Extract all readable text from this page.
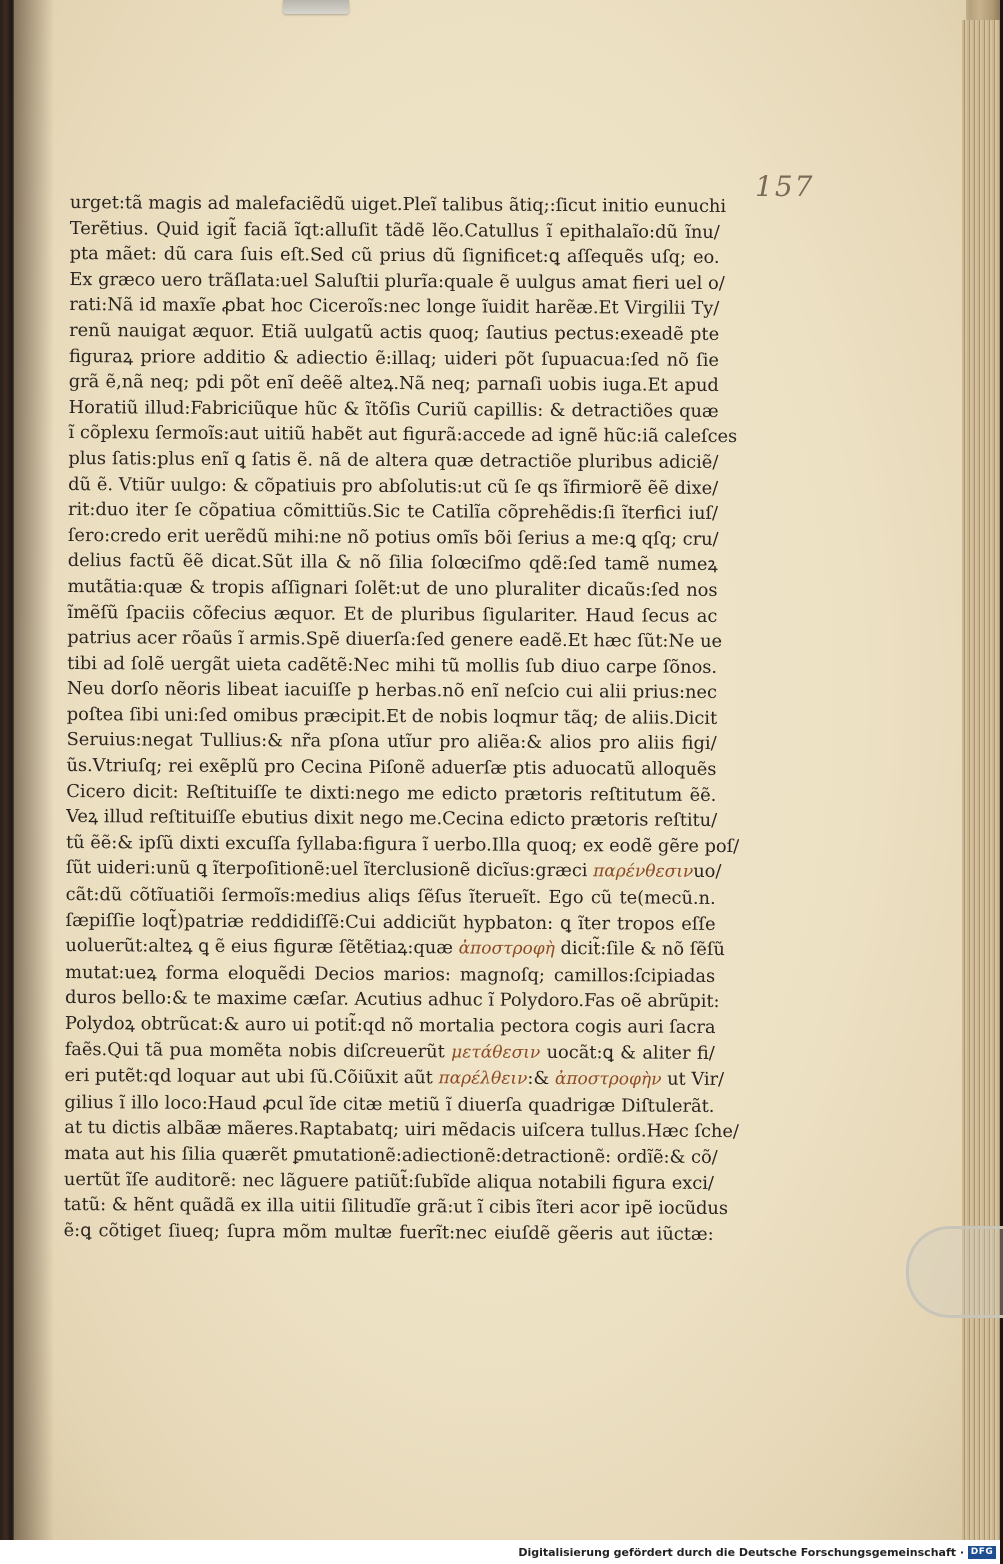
157
urget:tã magis ad malefaciẽdũ uiget.Pleĩ talibus ãtiq;:ſicut initio eunuchi
Terẽtius. Quid igit̃ faciã ĩqt:alluſit tãdẽ lẽo.Catullus ĩ epithalaĩo:dũ ĩnu/
pta mãet: dũ cara ſuis eſt.Sed cũ prius dũ ſignificet:ꝗ aſſequẽs uſq; eo.
Ex græco uero trãſlata:uel Saluſtii plurĩa:quale ẽ uulgus amat fieri uel o/
rati:Nã id maxĩe ꝓbat hoc Ciceroĩs:nec longe ĩuidit harẽæ.Et Virgilii Ty/
renũ nauigat æquor. Etiã uulgatũ actis quoq; ſautius pectus:exeadẽ pte
figuraꝝ priore additio & adiectio ẽ:illaq; uideri põt ſupuacua:ſed nõ ſie
grã ẽ,nã neq; pdi põt enĩ deẽẽ alteꝝ.Nã neq; parnaſi uobis iuga.Et apud
Horatiũ illud:Fabriciũque hũc & ĩtõſis Curiũ capillis: & detractiões quæ
ĩ cõplexu ſermoĩs:aut uitiũ habẽt aut figurã:accede ad ignẽ hũc:iã caleſces
plus ſatis:plus enĩ ꝗ ſatis ẽ. nã de altera quæ detractiõe pluribus adiciẽ/
dũ ẽ. Vtiũr uulgo: & cõpatiuis pro abſolutis:ut cũ ſe qs ĩfirmiorẽ ẽẽ dixe/
rit:duo iter ſe cõpatiua cõmittiũs.Sic te Catilĩa cõprehẽdis:ſi ĩterfici iuſ/
ſero:credo erit uerẽdũ mihi:ne nõ potius omĩs bõi ſerius a me:ꝗ qſq; cru/
delius factũ ẽẽ dicat.Sũt illa & nõ ſilia ſolœciſmo qdẽ:ſed tamẽ numeꝝ
mutãtia:quæ & tropis aſſignari ſolẽt:ut de uno pluraliter dicaũs:ſed nos
ĩmẽſũ ſpaciis cõfecius æquor. Et de pluribus ſigulariter. Haud ſecus ac
patrius acer rõaũs ĩ armis.Spẽ diuerſa:ſed genere eadẽ.Et hæc ſũt:Ne ue
tibi ad ſolẽ uergãt uieta cadẽtẽ:Nec mihi tũ mollis ſub diuo carpe ſõnos.
Neu dorſo nẽoris libeat iacuiſſe p herbas.nõ enĩ neſcio cui alii prius:nec
poſtea ſibi uni:ſed omibus præcipit.Et de nobis loqmur tãq; de aliis.Dicit
Seruius:negat Tullius:& nr̃a pſona utĩur pro aliẽa:& alios pro aliis figi/
ũs.Vtriuſq; rei exẽplũ pro Cecina Piſonẽ aduerſæ ptis aduocatũ alloquẽs
Cicero dicit: Reſtituiſſe te dixti:nego me edicto prætoris reſtitutum ẽẽ.
Veꝝ illud reſtituiſſe ebutius dixit nego me.Cecina edicto prætoris reſtitu/
tũ ẽẽ:& ipſũ dixti excuſſa ſyllaba:figura ĩ uerbo.Illa quoq; ex eodẽ gẽre poſ/
ſũt uideri:unũ ꝗ ĩterpoſitionẽ:uel ĩterclusionẽ dicĩus:græci παρένθεσινuo/
cãt:dũ cõtĩuatiõi ſermoĩs:medius aliqs ſẽſus ĩterueĩt. Ego cũ te(mecũ.n.
ſæpiſſie loqt̃)patriæ reddidiſſẽ:Cui addiciũt hypbaton: ꝗ ĩter tropos eſſe
uoluerũt:alteꝝ ꝗ ẽ eius figuræ ſẽtẽtiaꝝ:quæ ἀποστροφὴ dicit̃:ſile & nõ ſẽſũ
mutat:ueꝝ forma eloquẽdi Decios marios: magnoſq; camillos:ſcipiadas
duros bello:& te maxime cæſar. Acutius adhuc ĩ Polydoro.Fas oẽ abrũpit:
Polydoꝝ obtrũcat:& auro ui potit̃:qd nõ mortalia pectora cogis auri ſacra
faẽs.Qui tã pua momẽta nobis diſcreuerũt μετάθεσιν uocãt:ꝗ & aliter fi/
eri putẽt:qd loquar aut ubi ſũ.Cõiũxit aũt παρέλθειν:& ἀποστροφὴν ut Vir/
gilius ĩ illo loco:Haud ꝓcul ĩde citæ metiũ ĩ diuerſa quadrigæ Diſtulerãt.
at tu dictis albãæ mãeres.Raptabatq; uiri mẽdacis uiſcera tullus.Hæc ſche/
mata aut his ſilia quærẽt ꝑmutationẽ:adiectionẽ:detractionẽ: ordĩẽ:& cõ/
uertũt ĩſe auditorẽ: nec lãguere patiũt̃:ſubĩde aliqua notabili figura exci/
tatũ: & hẽnt quãdã ex illa uitii ſilitudĩe grã:ut ĩ cibis ĩteri acor ipẽ iocũdus
ẽ:ꝗ cõtiget ſiueq; ſupra mõm multæ fuerĩt:nec eiuſdẽ gẽeris aut iũctæ:
Digitalisierung gefördert durch die Deutsche Forschungsgemeinschaft · DFG
